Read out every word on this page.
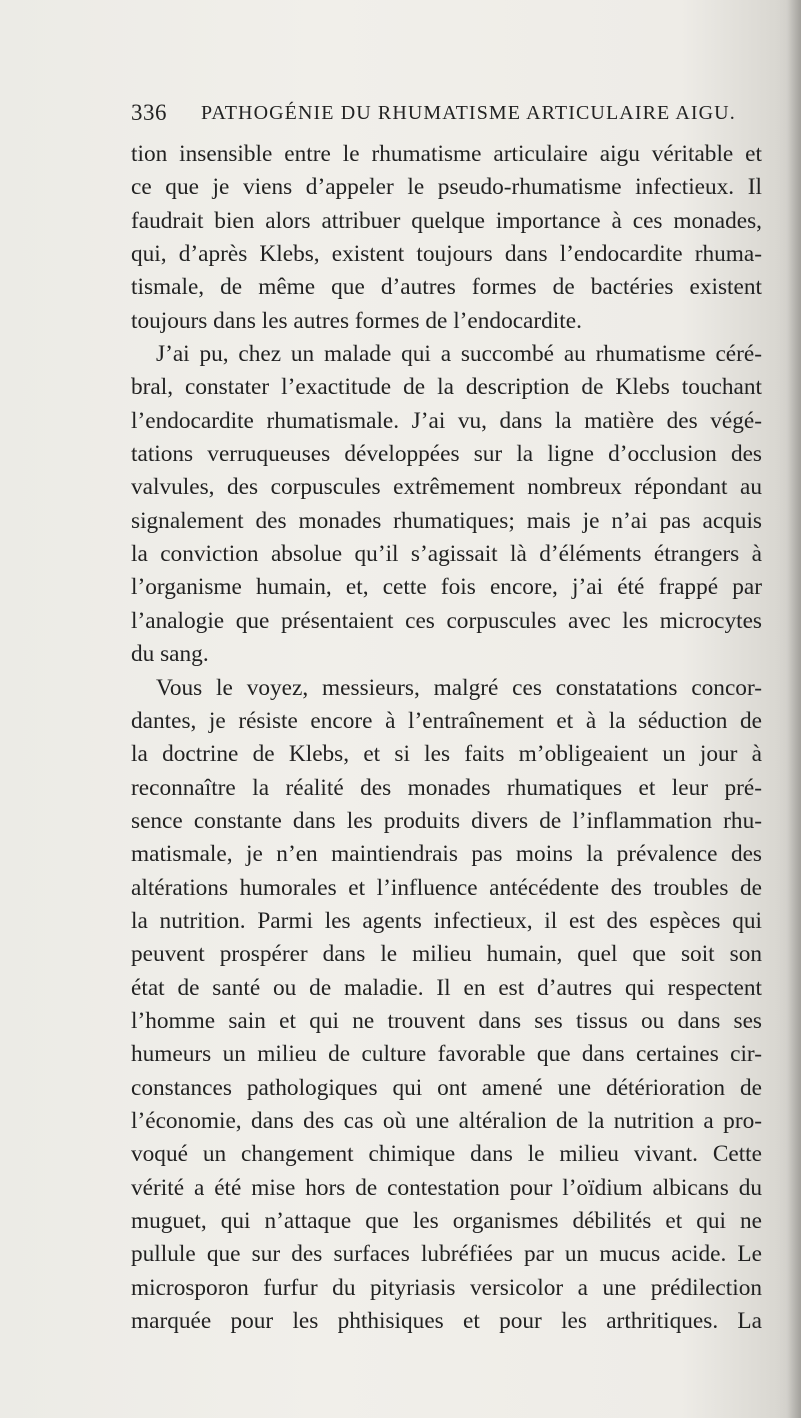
336 PATHOGÉNIE DU RHUMATISME ARTICULAIRE AIGU.
tion insensible entre le rhumatisme articulaire aigu véritable et
ce que je viens d’appeler le pseudo-rhumatisme infectieux. Il
faudrait bien alors attribuer quelque importance à ces monades,
qui, d’après Klebs, existent toujours dans l’endocardite rhuma-
tismale, de même que d’autres formes de bactéries existent
toujours dans les autres formes de l’endocardite.
J’ai pu, chez un malade qui a succombé au rhumatisme céré-
bral, constater l’exactitude de la description de Klebs touchant
l’endocardite rhumatismale. J’ai vu, dans la matière des végé-
tations verruqueuses développées sur la ligne d’occlusion des
valvules, des corpuscules extrêmement nombreux répondant au
signalement des monades rhumatiques; mais je n’ai pas acquis
la conviction absolue qu’il s’agissait là d’éléments étrangers à
l’organisme humain, et, cette fois encore, j’ai été frappé par
l’analogie que présentaient ces corpuscules avec les microcytes
du sang.
Vous le voyez, messieurs, malgré ces constatations concor-
dantes, je résiste encore à l’entraînement et à la séduction de
la doctrine de Klebs, et si les faits m’obligeaient un jour à
reconnaître la réalité des monades rhumatiques et leur pré-
sence constante dans les produits divers de l’inflammation rhu-
matismale, je n’en maintiendrais pas moins la prévalence des
altérations humorales et l’influence antécédente des troubles de
la nutrition. Parmi les agents infectieux, il est des espèces qui
peuvent prospérer dans le milieu humain, quel que soit son
état de santé ou de maladie. Il en est d’autres qui respectent
l’homme sain et qui ne trouvent dans ses tissus ou dans ses
humeurs un milieu de culture favorable que dans certaines cir-
constances pathologiques qui ont amené une détérioration de
l’économie, dans des cas où une altéralion de la nutrition a pro-
voqué un changement chimique dans le milieu vivant. Cette
vérité a été mise hors de contestation pour l’oïdium albicans du
muguet, qui n’attaque que les organismes débilités et qui ne
pullule que sur des surfaces lubréfiées par un mucus acide. Le
microsporon furfur du pityriasis versicolor a une prédilection
marquée pour les phthisiques et pour les arthritiques. La
